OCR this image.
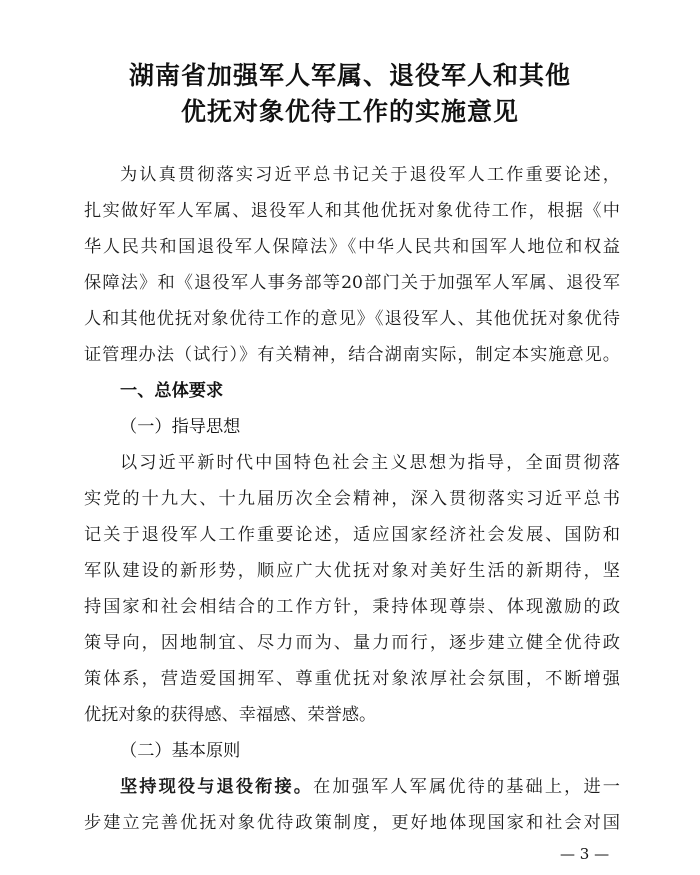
湖南省加强军人军属、退役军人和其他
优抚对象优待工作的实施意见
为认真贯彻落实习近平总书记关于退役军人工作重要论述，
扎实做好军人军属、退役军人和其他优抚对象优待工作，根据《中
华人民共和国退役军人保障法》《中华人民共和国军人地位和权益
保障法》和《退役军人事务部等20部门关于加强军人军属、退役军
人和其他优抚对象优待工作的意见》《退役军人、其他优抚对象优待
证管理办法（试行）》有关精神，结合湖南实际，制定本实施意见。
一、总体要求
（一）指导思想
以习近平新时代中国特色社会主义思想为指导，全面贯彻落
实党的十九大、十九届历次全会精神，深入贯彻落实习近平总书
记关于退役军人工作重要论述，适应国家经济社会发展、国防和
军队建设的新形势，顺应广大优抚对象对美好生活的新期待，坚
持国家和社会相结合的工作方针，秉持体现尊崇、体现激励的政
策导向，因地制宜、尽力而为、量力而行，逐步建立健全优待政
策体系，营造爱国拥军、尊重优抚对象浓厚社会氛围，不断增强
优抚对象的获得感、幸福感、荣誉感。
（二）基本原则
坚持现役与退役衔接。在加强军人军属优待的基础上，进一
步建立完善优抚对象优待政策制度，更好地体现国家和社会对国
— 3 —
